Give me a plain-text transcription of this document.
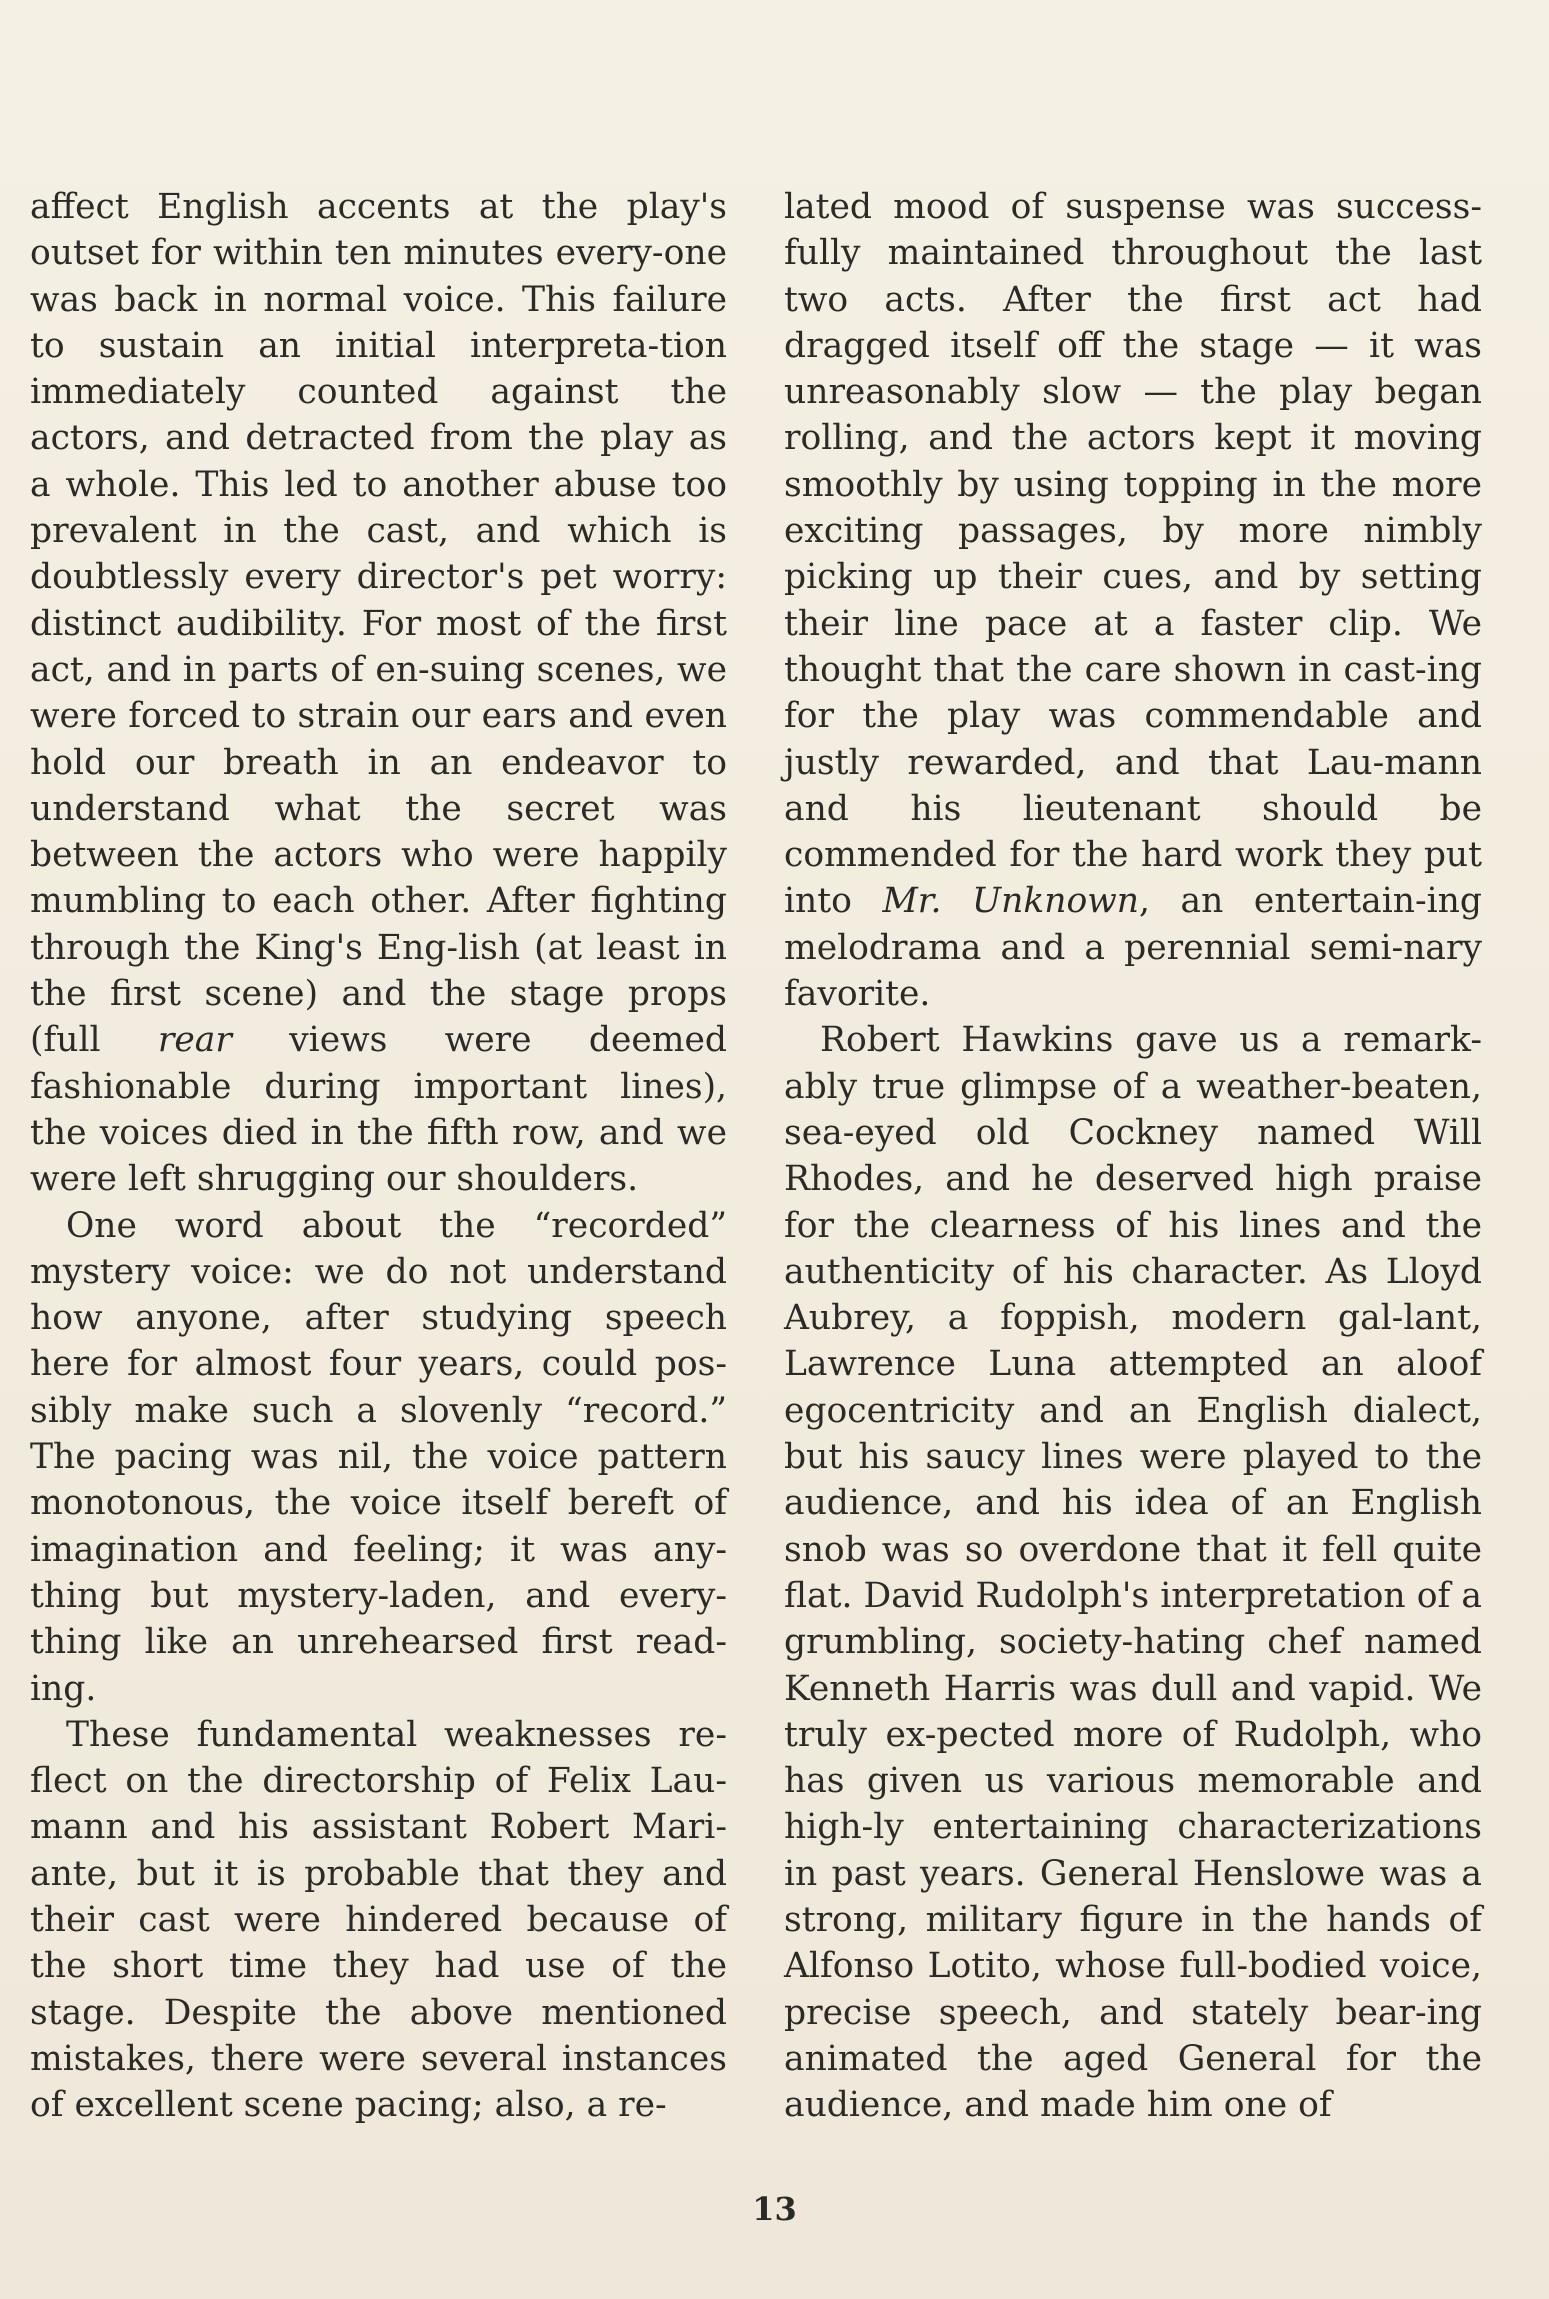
affect English accents at the play's outset for within ten minutes every-one was back in normal voice. This failure to sustain an initial interpreta-tion immediately counted against the actors, and detracted from the play as a whole. This led to another abuse too prevalent in the cast, and which is doubtlessly every director's pet worry: distinct audibility. For most of the first act, and in parts of en-suing scenes, we were forced to strain our ears and even hold our breath in an endeavor to understand what the secret was between the actors who were happily mumbling to each other. After fighting through the King's Eng-lish (at least in the first scene) and the stage props (full rear views were deemed fashionable during important lines), the voices died in the fifth row, and we were left shrugging our shoulders.

One word about the “recorded” mystery voice: we do not understand how anyone, after studying speech here for almost four years, could pos-sibly make such a slovenly “record.” The pacing was nil, the voice pattern monotonous, the voice itself bereft of imagination and feeling; it was any-thing but mystery-laden, and every-thing like an unrehearsed first read-ing.

These fundamental weaknesses re-flect on the directorship of Felix Lau-mann and his assistant Robert Mari-ante, but it is probable that they and their cast were hindered because of the short time they had use of the stage. Despite the above mentioned mistakes, there were several instances of excellent scene pacing; also, a re-

lated mood of suspense was success-fully maintained throughout the last two acts. After the first act had dragged itself off the stage — it was unreasonably slow — the play began rolling, and the actors kept it moving smoothly by using topping in the more exciting passages, by more nimbly picking up their cues, and by setting their line pace at a faster clip. We thought that the care shown in cast-ing for the play was commendable and justly rewarded, and that Lau-mann and his lieutenant should be commended for the hard work they put into Mr. Unknown, an entertain-ing melodrama and a perennial semi-nary favorite.

Robert Hawkins gave us a remark-ably true glimpse of a weather-beaten, sea-eyed old Cockney named Will Rhodes, and he deserved high praise for the clearness of his lines and the authenticity of his character. As Lloyd Aubrey, a foppish, modern gal-lant, Lawrence Luna attempted an aloof egocentricity and an English dialect, but his saucy lines were played to the audience, and his idea of an English snob was so overdone that it fell quite flat. David Rudolph's interpretation of a grumbling, society-hating chef named Kenneth Harris was dull and vapid. We truly ex-pected more of Rudolph, who has given us various memorable and high-ly entertaining characterizations in past years. General Henslowe was a strong, military figure in the hands of Alfonso Lotito, whose full-bodied voice, precise speech, and stately bear-ing animated the aged General for the audience, and made him one of

13
